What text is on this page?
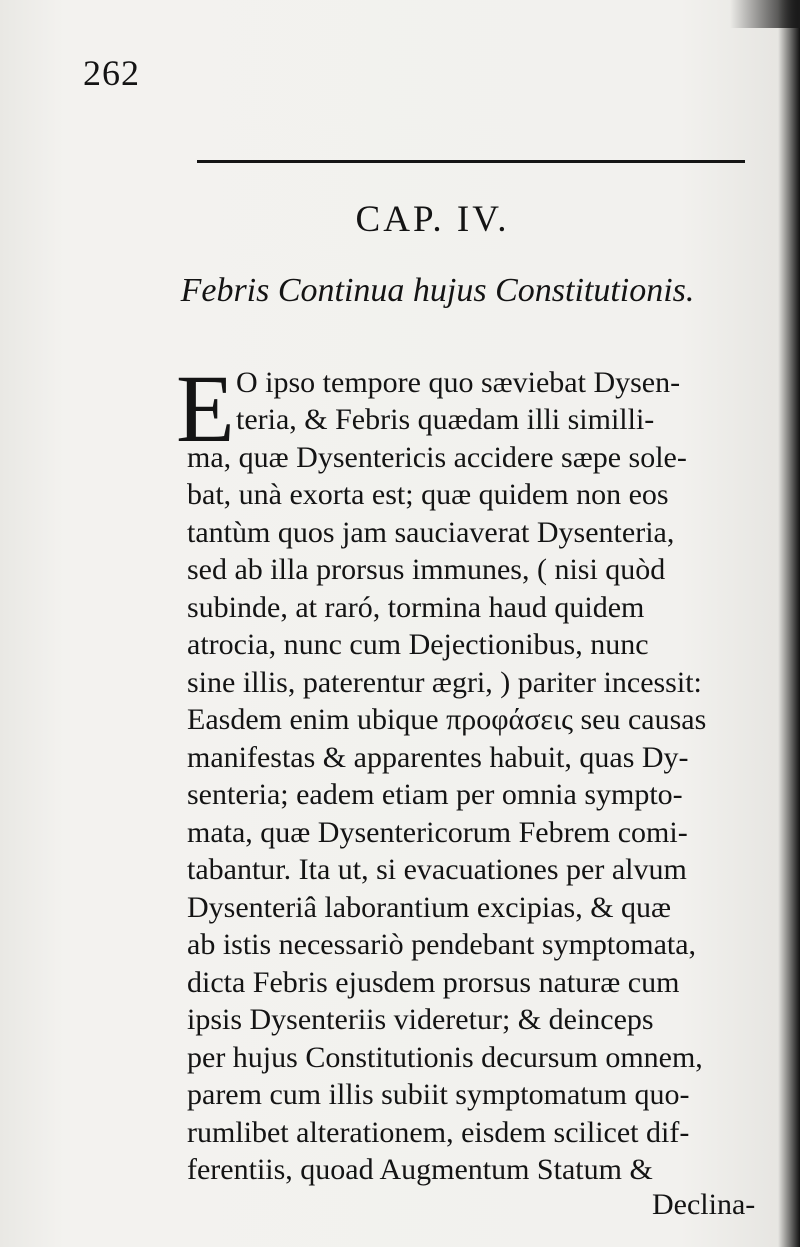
262
CAP. IV.
Febris Continua hujus Constitutionis.
E O ipso tempore quo sæviebat Dysen-
teria, & Febris quædam illi similli-
ma, quæ Dysentericis accidere sæpe sole-
bat, unà exorta est; quæ quidem non eos
tantùm quos jam sauciaverat Dysenteria,
sed ab illa prorsus immunes, ( nisi quòd
subinde, at raró, tormina haud quidem
atrocia, nunc cum Dejectionibus, nunc
sine illis, paterentur ægri, ) pariter incessit:
Easdem enim ubique προφάσεις seu causas
manifestas & apparentes habuit, quas Dy-
senteria; eadem etiam per omnia sympto-
mata, quæ Dysentericorum Febrem comi-
tabantur. Ita ut, si evacuationes per alvum
Dysenteriâ laborantium excipias, & quæ
ab istis necessariò pendebant symptomata,
dicta Febris ejusdem prorsus naturæ cum
ipsis Dysenteriis videretur; & deinceps
per hujus Constitutionis decursum omnem,
parem cum illis subiit symptomatum quo-
rumlibet alterationem, eisdem scilicet dif-
ferentiis, quoad Augmentum Statum &
Declina-
